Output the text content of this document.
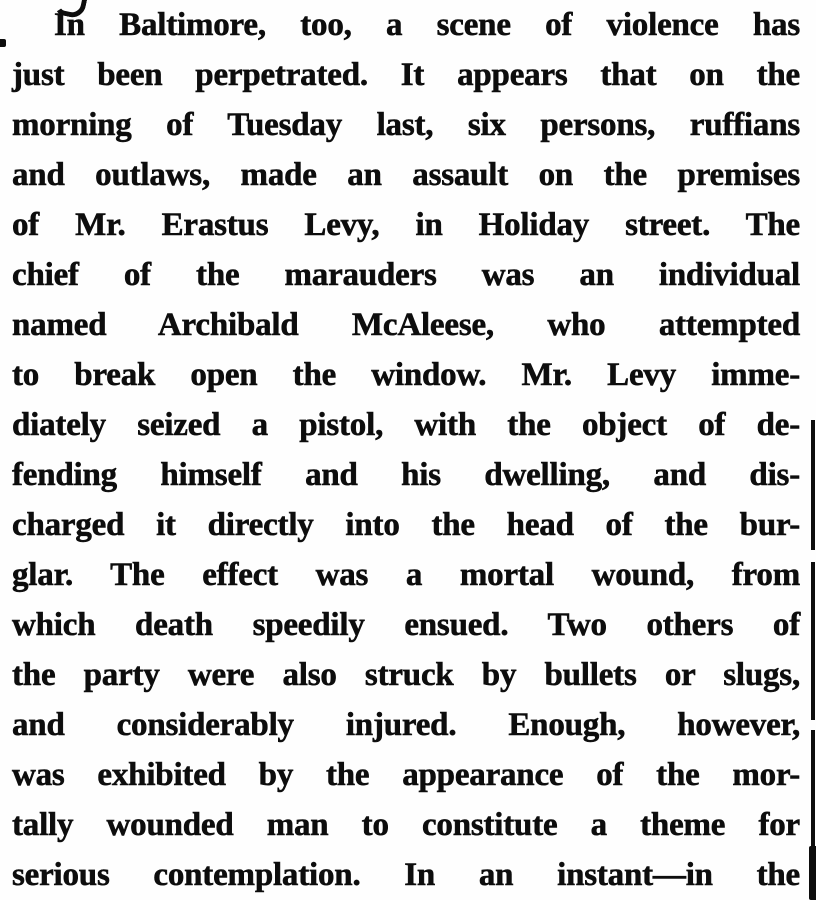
In Baltimore, too, a scene of violence has
just been perpetrated. It appears that on the
morning of Tuesday last, six persons, ruffians
and outlaws, made an assault on the premises
of Mr. Erastus Levy, in Holiday street. The
chief of the marauders was an individual
named Archibald McAleese, who attempted
to break open the window. Mr. Levy imme-
diately seized a pistol, with the object of de-
fending himself and his dwelling, and dis-
charged it directly into the head of the bur-
glar. The effect was a mortal wound, from
which death speedily ensued. Two others of
the party were also struck by bullets or slugs,
and considerably injured. Enough, however,
was exhibited by the appearance of the mor-
tally wounded man to constitute a theme for
serious contemplation. In an instant—in the
